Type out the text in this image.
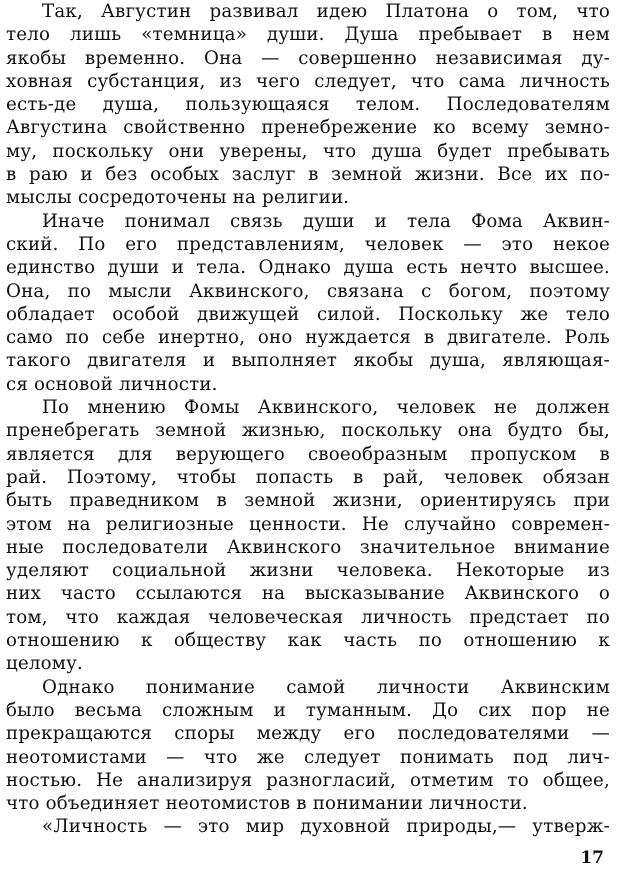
Так, Августин развивал идею Платона о том, что
тело лишь «темница» души. Душа пребывает в нем
якобы временно. Она — совершенно независимая ду-
ховная субстанция, из чего следует, что сама личность
есть-де душа, пользующаяся телом. Последователям
Августина свойственно пренебрежение ко всему земно-
му, поскольку они уверены, что душа будет пребывать
в раю и без особых заслуг в земной жизни. Все их по-
мыслы сосредоточены на религии.
Иначе понимал связь души и тела Фома Аквин-
ский. По его представлениям, человек — это некое
единство души и тела. Однако душа есть нечто высшее.
Она, по мысли Аквинского, связана с богом, поэтому
обладает особой движущей силой. Поскольку же тело
само по себе инертно, оно нуждается в двигателе. Роль
такого двигателя и выполняет якобы душа, являющая-
ся основой личности.
По мнению Фомы Аквинского, человек не должен
пренебрегать земной жизнью, поскольку она будто бы,
является для верующего своеобразным пропуском в
рай. Поэтому, чтобы попасть в рай, человек обязан
быть праведником в земной жизни, ориентируясь при
этом на религиозные ценности. Не случайно современ-
ные последователи Аквинского значительное внимание
уделяют социальной жизни человека. Некоторые из
них часто ссылаются на высказывание Аквинского о
том, что каждая человеческая личность предстает по
отношению к обществу как часть по отношению к
целому.
Однако понимание самой личности Аквинским
было весьма сложным и туманным. До сих пор не
прекращаются споры между его последователями —
неотомистами — что же следует понимать под лич-
ностью. Не анализируя разногласий, отметим то общее,
что объединяет неотомистов в понимании личности.
«Личность — это мир духовной природы,— утверж-
17
